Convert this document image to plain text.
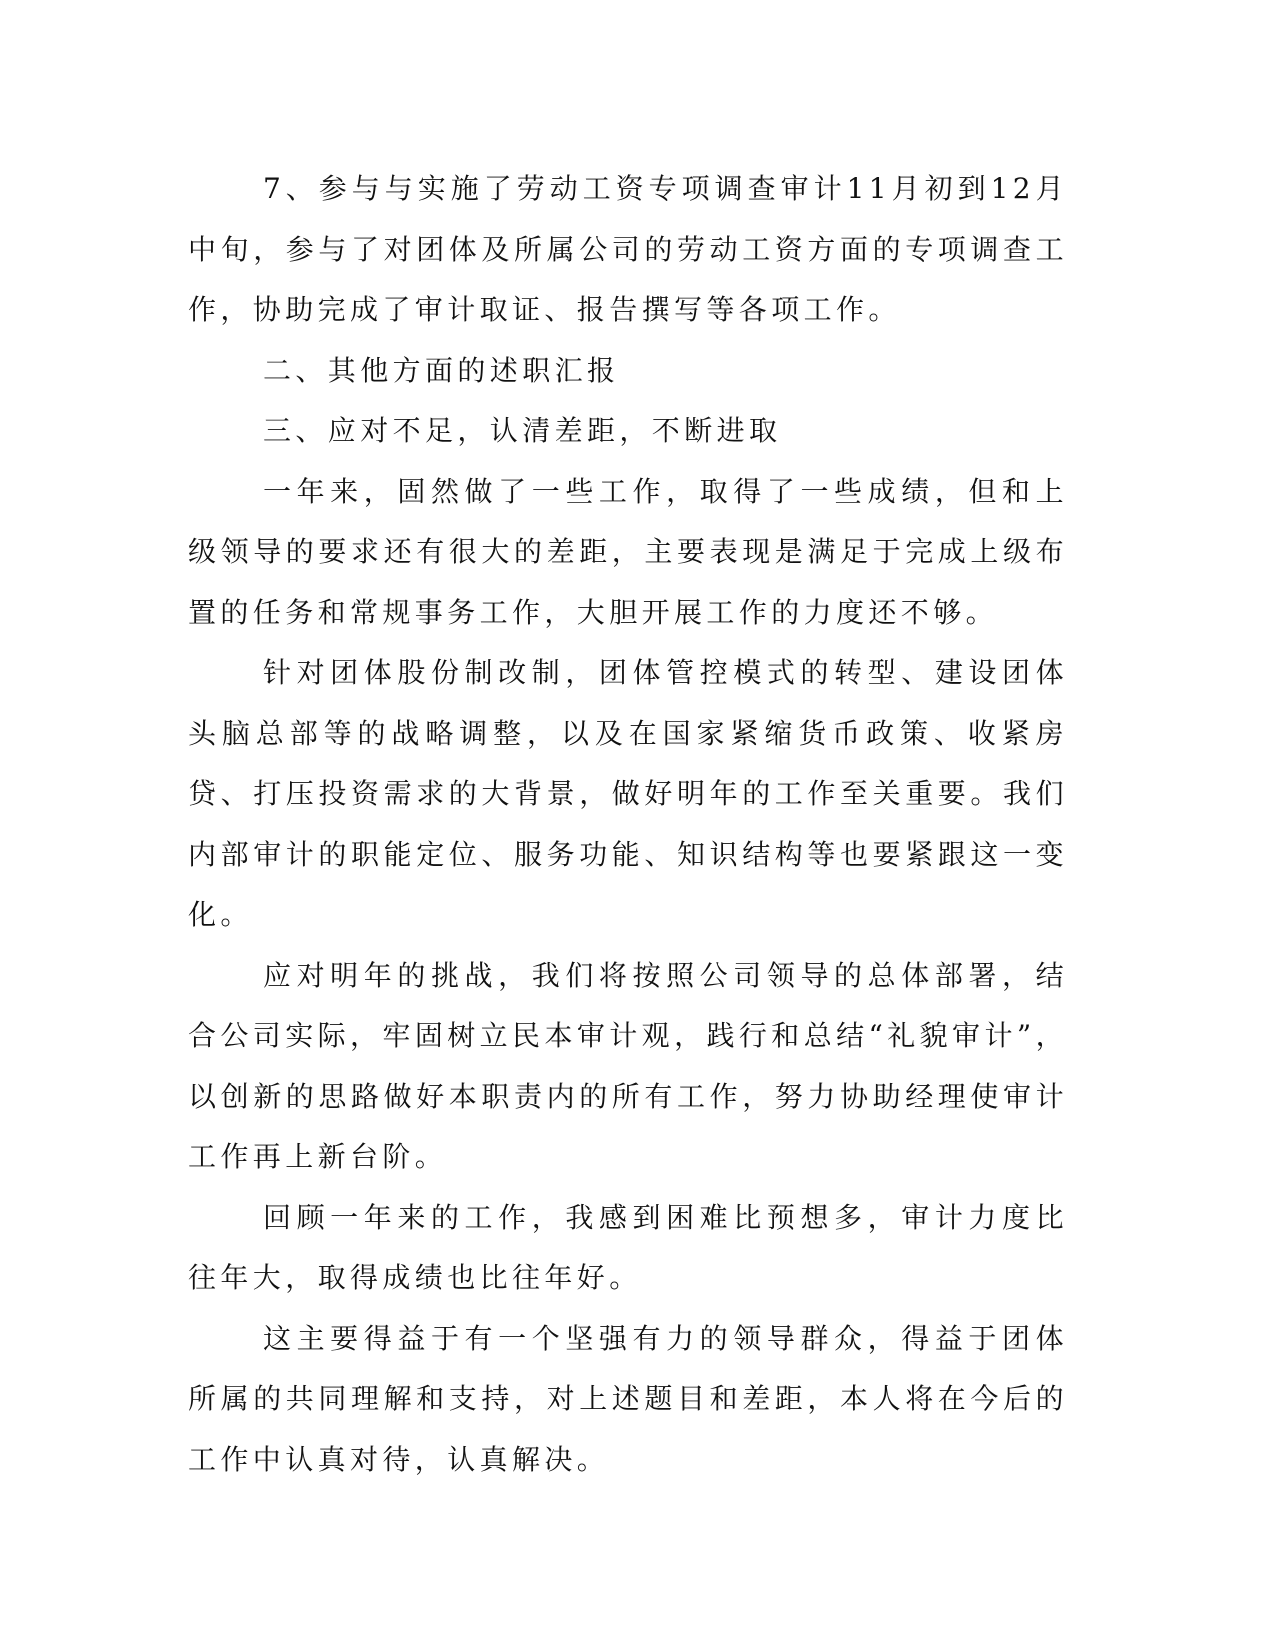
7、参与与实施了劳动工资专项调查审计11月初到12月中旬，参与了对团体及所属公司的劳动工资方面的专项调查工作，协助完成了审计取证、报告撰写等各项工作。

二、其他方面的述职汇报

三、应对不足，认清差距，不断进取

一年来，固然做了一些工作，取得了一些成绩，但和上级领导的要求还有很大的差距，主要表现是满足于完成上级布置的任务和常规事务工作，大胆开展工作的力度还不够。

针对团体股份制改制，团体管控模式的转型、建设团体头脑总部等的战略调整，以及在国家紧缩货币政策、收紧房贷、打压投资需求的大背景，做好明年的工作至关重要。我们内部审计的职能定位、服务功能、知识结构等也要紧跟这一变化。

应对明年的挑战，我们将按照公司领导的总体部署，结合公司实际，牢固树立民本审计观，践行和总结“礼貌审计”，以创新的思路做好本职责内的所有工作，努力协助经理使审计工作再上新台阶。

回顾一年来的工作，我感到困难比预想多，审计力度比往年大，取得成绩也比往年好。

这主要得益于有一个坚强有力的领导群众，得益于团体所属的共同理解和支持，对上述题目和差距，本人将在今后的工作中认真对待，认真解决。
